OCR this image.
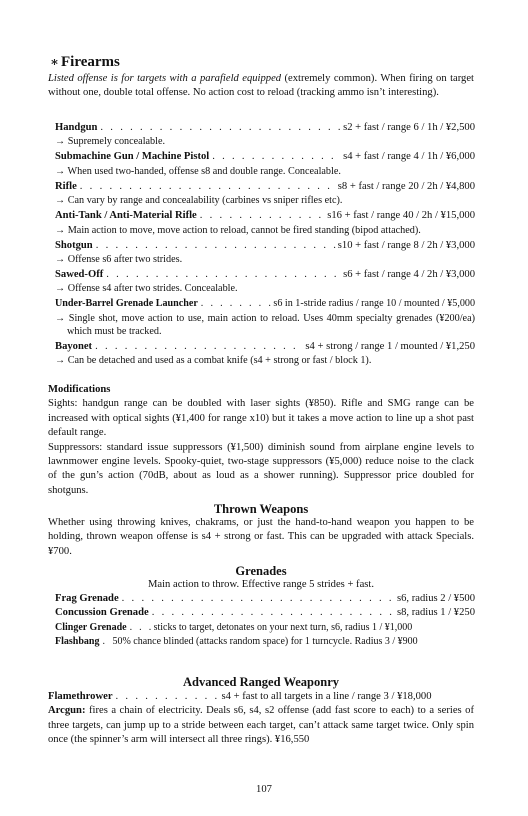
∗ Firearms
Listed offense is for targets with a parafield equipped (extremely common). When firing on target without one, double total offense. No action cost to reload (tracking ammo isn’t interesting).
Handgun . . .	s2 + fast / range 6 / 1h / ¥2,500
→ Supremely concealable.
Submachine Gun / Machine Pistol . . .	s4 + fast / range 4 / 1h / ¥6,000
→ When used two-handed, offense s8 and double range. Concealable.
Rifle . . .	s8 + fast / range 20 / 2h / ¥4,800
→ Can vary by range and concealability (carbines vs sniper rifles etc).
Anti-Tank / Anti-Material Rifle . . .	s16 + fast / range 40 / 2h / ¥15,000
→ Main action to move, move action to reload, cannot be fired standing (bipod attached).
Shotgun . . .	s10 + fast / range 8 / 2h / ¥3,000
→ Offense s6 after two strides.
Sawed-Off . . .	s6 + fast / range 4 / 2h / ¥3,000
→ Offense s4 after two strides. Concealable.
Under-Barrel Grenade Launcher . . .	s6 in 1-stride radius / range 10 / mounted / ¥5,000
→ Single shot, move action to use, main action to reload. Uses 40mm specialty grenades (¥200/ea) which must be tracked.
Bayonet . . .	s4 + strong / range 1 / mounted / ¥1,250
→ Can be detached and used as a combat knife (s4 + strong or fast / block 1).

Modifications

Sights: handgun range can be doubled with laser sights (¥850). Rifle and SMG range can be increased with optical sights (¥1,400 for range x10) but it takes a move action to line up a shot past default range.

Suppressors: standard issue suppressors (¥1,500) diminish sound from airplane engine levels to lawnmower engine levels. Spooky-quiet, two-stage suppressors (¥5,000) reduce noise to the clack of the gun’s action (70dB, about as loud as a shower running). Suppressor price doubled for shotguns.

Thrown Weapons
Whether using throwing knives, chakrams, or just the hand-to-hand weapon you happen to be holding, thrown weapon offense is s4 + strong or fast. This can be upgraded with attack Specials. ¥700.
Grenades
Main action to throw. Effective range 5 strides + fast.
Frag Grenade . . .	s6, radius 2 / ¥500
Concussion Grenade . . .	s8, radius 1 / ¥250
Clinger Grenade . . .	sticks to target, detonates on your next turn, s6, radius 1 / ¥1,000
Flashbang . . .	50% chance blinded (attacks random space) for 1 turncycle. Radius 3 / ¥900
Advanced Ranged Weaponry
Flamethrower . . .	s4 + fast to all targets in a line / range 3 / ¥18,000

Arcgun: fires a chain of electricity. Deals s6, s4, s2 offense (add fast score to each) to a series of three targets, can jump up to a stride between each target, can’t attack same target twice. Only spin once (the spinner’s arm will intersect all three rings). ¥16,550

107
